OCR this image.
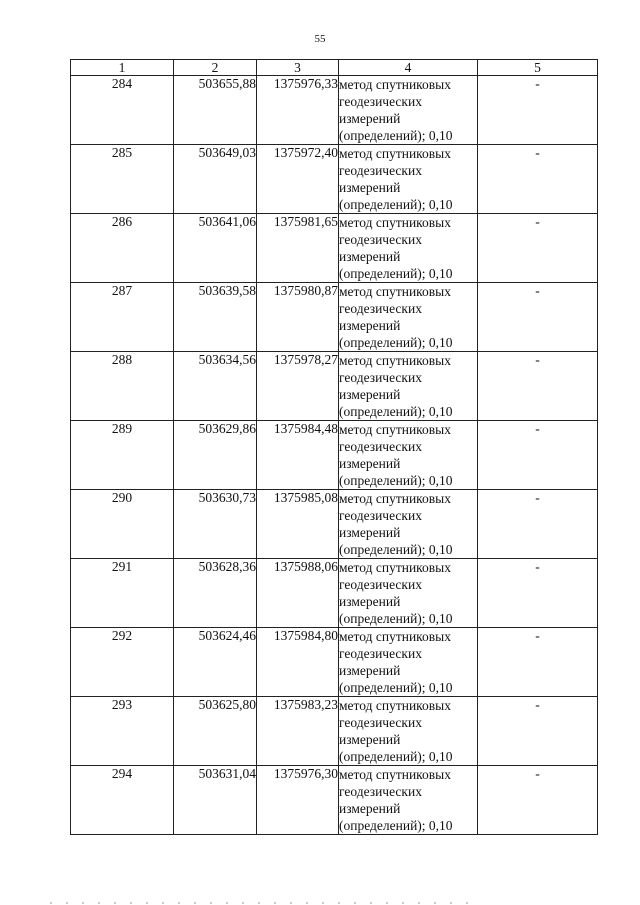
55
1	2	3	4	5
284	503655,88	1375976,33	метод спутниковых
геодезических
измерений
(определений); 0,10	-
285	503649,03	1375972,40	метод спутниковых
геодезических
измерений
(определений); 0,10	-
286	503641,06	1375981,65	метод спутниковых
геодезических
измерений
(определений); 0,10	-
287	503639,58	1375980,87	метод спутниковых
геодезических
измерений
(определений); 0,10	-
288	503634,56	1375978,27	метод спутниковых
геодезических
измерений
(определений); 0,10	-
289	503629,86	1375984,48	метод спутниковых
геодезических
измерений
(определений); 0,10	-
290	503630,73	1375985,08	метод спутниковых
геодезических
измерений
(определений); 0,10	-
291	503628,36	1375988,06	метод спутниковых
геодезических
измерений
(определений); 0,10	-
292	503624,46	1375984,80	метод спутниковых
геодезических
измерений
(определений); 0,10	-
293	503625,80	1375983,23	метод спутниковых
геодезических
измерений
(определений); 0,10	-
294	503631,04	1375976,30	метод спутниковых
геодезических
измерений
(определений); 0,10	-
